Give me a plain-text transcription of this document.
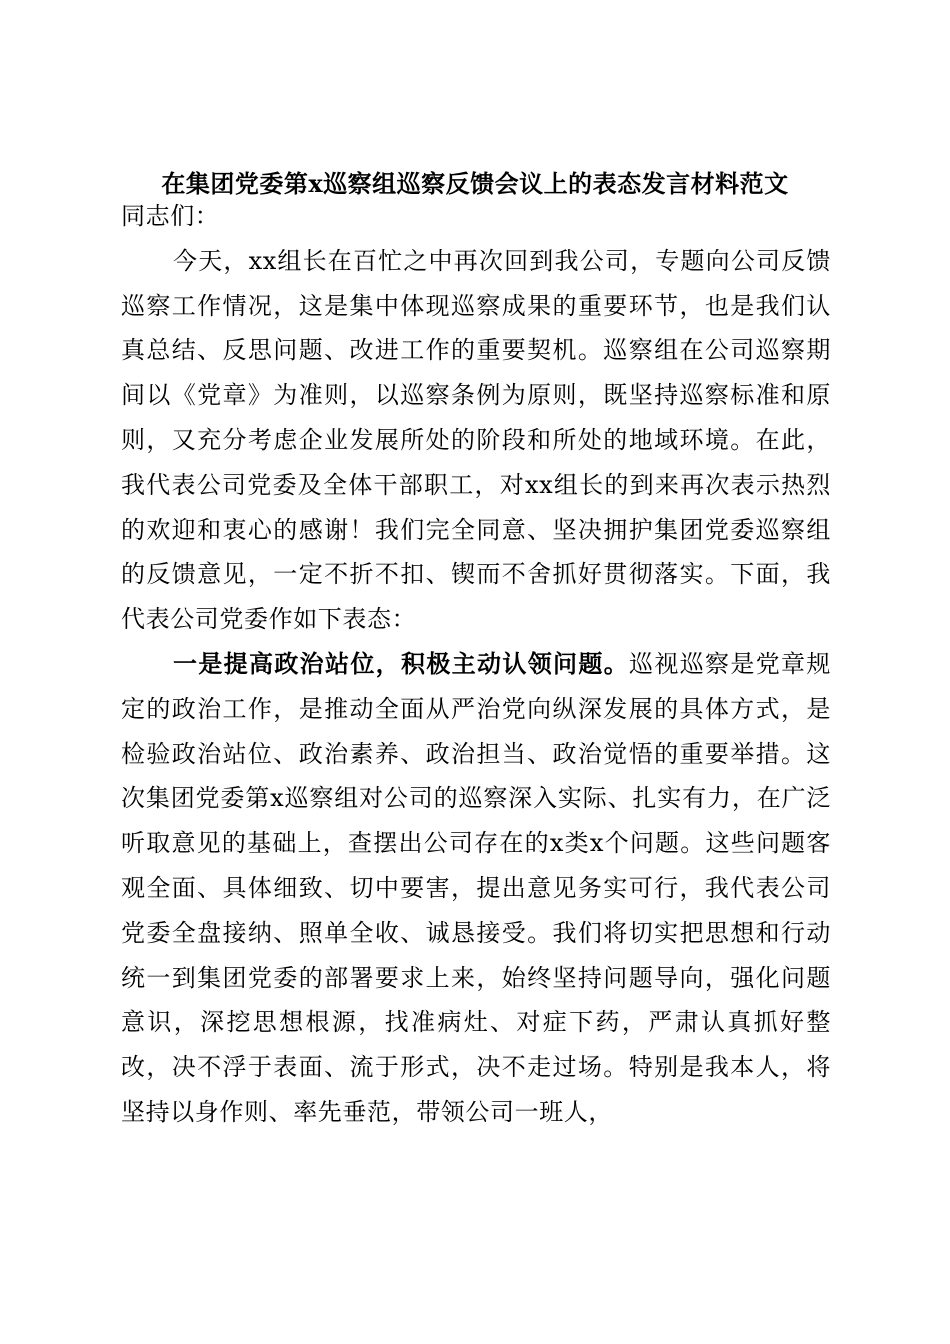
在集团党委第x巡察组巡察反馈会议上的表态发言材料范文

同志们：

今天，xx组长在百忙之中再次回到我公司，专题向公司反馈巡察工作情况，这是集中体现巡察成果的重要环节，也是我们认真总结、反思问题、改进工作的重要契机。巡察组在公司巡察期间以《党章》为准则，以巡察条例为原则，既坚持巡察标准和原则，又充分考虑企业发展所处的阶段和所处的地域环境。在此，我代表公司党委及全体干部职工，对xx组长的到来再次表示热烈的欢迎和衷心的感谢！我们完全同意、坚决拥护集团党委巡察组的反馈意见，一定不折不扣、锲而不舍抓好贯彻落实。下面，我代表公司党委作如下表态：

一是提高政治站位，积极主动认领问题。巡视巡察是党章规定的政治工作，是推动全面从严治党向纵深发展的具体方式，是检验政治站位、政治素养、政治担当、政治觉悟的重要举措。这次集团党委第x巡察组对公司的巡察深入实际、扎实有力，在广泛听取意见的基础上，查摆出公司存在的x类x个问题。这些问题客观全面、具体细致、切中要害，提出意见务实可行，我代表公司党委全盘接纳、照单全收、诚恳接受。我们将切实把思想和行动统一到集团党委的部署要求上来，始终坚持问题导向，强化问题意识，深挖思想根源，找准病灶、对症下药，严肃认真抓好整改，决不浮于表面、流于形式，决不走过场。特别是我本人，将坚持以身作则、率先垂范，带领公司一班人，
